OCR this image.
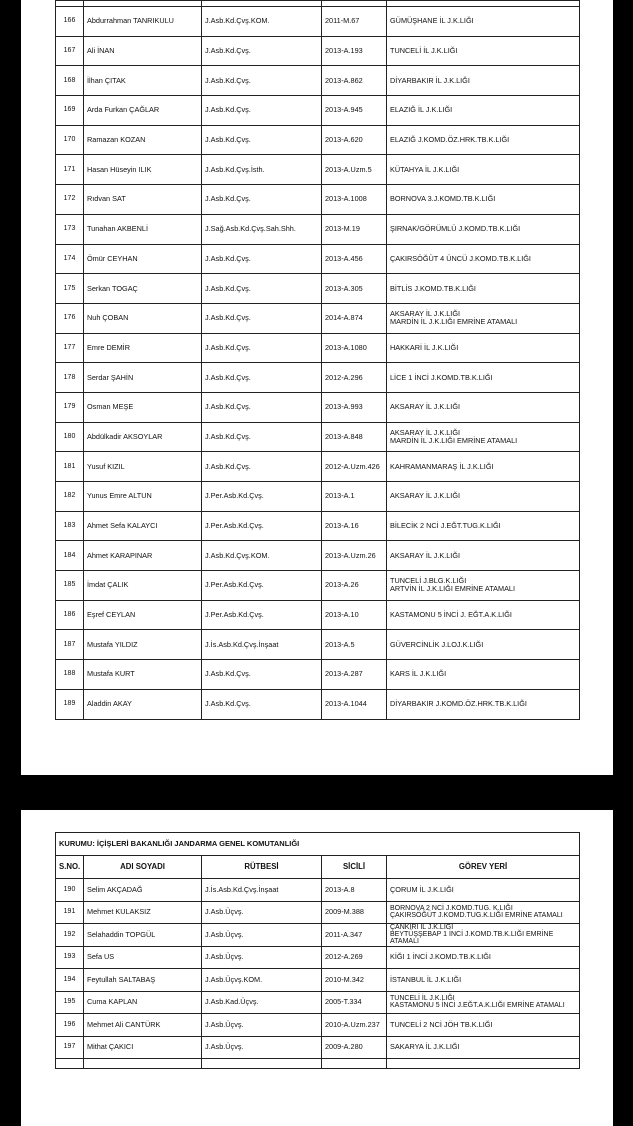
166	Abdurrahman TANRIKULU	J.Asb.Kd.Çvş.KOM.	2011-M.67	GÜMÜŞHANE İL J.K.LIĞI
167	Ali İNAN	J.Asb.Kd.Çvş.	2013-A.193	TUNCELİ İL J.K.LIĞI
168	İlhan ÇITAK	J.Asb.Kd.Çvş.	2013-A.862	DİYARBAKIR İL J.K.LIĞI
169	Arda Furkan ÇAĞLAR	J.Asb.Kd.Çvş.	2013-A.945	ELAZIĞ İL J.K.LIĞI
170	Ramazan KOZAN	J.Asb.Kd.Çvş.	2013-A.620	ELAZIĞ J.KOMD.ÖZ.HRK.TB.K.LIĞI
171	Hasan Hüseyin ILIK	J.Asb.Kd.Çvş.İsth.	2013-A.Uzm.5	KÜTAHYA İL J.K.LIĞI
172	Rıdvan SAT	J.Asb.Kd.Çvş.	2013-A.1008	BORNOVA 3.J.KOMD.TB.K.LIĞI
173	Tunahan AKBENLİ	J.Sağ.Asb.Kd.Çvş.Sah.Shh.	2013-M.19	ŞIRNAK/GÖRÜMLÜ J.KOMD.TB.K.LIĞI
174	Ömür CEYHAN	J.Asb.Kd.Çvş.	2013-A.456	ÇAKIRSÖĞÜT 4 ÜNCÜ J.KOMD.TB.K.LIĞI
175	Serkan TOGAÇ	J.Asb.Kd.Çvş.	2013-A.305	BİTLİS J.KOMD.TB.K.LIĞI
176	Nuh ÇOBAN	J.Asb.Kd.Çvş.	2014-A.874	AKSARAY İL J.K.LIĞI
MARDİN İL J.K.LIĞI EMRİNE ATAMALI

177	Emre DEMİR	J.Asb.Kd.Çvş.	2013-A.1080	HAKKARİ İL J.K.LIĞI
178	Serdar ŞAHİN	J.Asb.Kd.Çvş.	2012-A.296	LİCE 1 İNCİ J.KOMD.TB.K.LIĞI
179	Osman MEŞE	J.Asb.Kd.Çvş.	2013-A.993	AKSARAY İL J.K.LIĞI
180	Abdülkadir AKSOYLAR	J.Asb.Kd.Çvş.	2013-A.848	AKSARAY İL J.K.LIĞI
MARDİN İL J.K.LIĞI EMRİNE ATAMALI

181	Yusuf KIZIL	J.Asb.Kd.Çvş.	2012-A.Uzm.426	KAHRAMANMARAŞ İL J.K.LIĞI
182	Yunus Emre ALTUN	J.Per.Asb.Kd.Çvş.	2013-A.1	AKSARAY İL J.K.LIĞI
183	Ahmet Sefa KALAYCI	J.Per.Asb.Kd.Çvş.	2013-A.16	BİLECİK 2 NCİ J.EĞT.TUG.K.LIĞI
184	Ahmet KARAPINAR	J.Asb.Kd.Çvş.KOM.	2013-A.Uzm.26	AKSARAY İL J.K.LIĞI
185	İmdat ÇALIK	J.Per.Asb.Kd.Çvş.	2013-A.26	TUNCELİ J.BLG.K.LIĞI
ARTVİN İL J.K.LIĞI EMRİNE ATAMALI

186	Eşref CEYLAN	J.Per.Asb.Kd.Çvş.	2013-A.10	KASTAMONU 5 İNCİ J. EĞT.A.K.LIĞI
187	Mustafa YILDIZ	J.İs.Asb.Kd.Çvş.İnşaat	2013-A.5	GÜVERCİNLİK J.LOJ.K.LIĞI
188	Mustafa KURT	J.Asb.Kd.Çvş.	2013-A.287	KARS İL J.K.LIĞI
189	Aladdin AKAY	J.Asb.Kd.Çvş.	2013-A.1044	DİYARBAKIR J.KOMD.ÖZ.HRK.TB.K.LIĞI
KURUMU: İÇİŞLERİ BAKANLIĞI JANDARMA GENEL KOMUTANLIĞI				
S.NO.	ADI SOYADI	RÜTBESİ	SİCİLİ	GÖREV YERİ
190	Selim AKÇADAĞ	J.İs.Asb.Kd.Çvş.İnşaat	2013-A.8	ÇORUM İL J.K.LIĞI
191	Mehmet KULAKSIZ	J.Asb.Üçvş.	2009-M.388	BORNOVA 2 NCİ J.KOMD.TUG. K.LIĞI
ÇAKIRSÖĞÜT J.KOMD.TUG.K.LIĞI EMRİNE ATAMALI

192	Selahaddin TOPGÜL	J.Asb.Üçvş.	2011-A.347	ÇANKIRI İL J.K.LIĞI
BEYTÜŞŞEBAP 1 İNCİ J.KOMD.TB.K.LIĞI EMRİNE ATAMALI

193	Sefa US	J.Asb.Üçvş.	2012-A.269	KİĞI 1 İNCİ J.KOMD.TB.K.LIĞI
194	Feytullah SALTABAŞ	J.Asb.Üçvş.KOM.	2010-M.342	İSTANBUL İL J.K.LIĞI
195	Cuma KAPLAN	J.Asb.Kad.Üçvş.	2005-T.334	TUNCELİ İL J.K.LIĞI
KASTAMONU 5 İNCİ J.EĞT.A.K.LIĞI EMRİNE ATAMALI

196	Mehmet Ali CANTÜRK	J.Asb.Üçvş.	2010-A.Uzm.237	TUNCELİ 2 NCİ JÖH TB.K.LIĞI
197	Mithat ÇAKICI	J.Asb.Üçvş.	2009-A.280	SAKARYA İL J.K.LIĞI
